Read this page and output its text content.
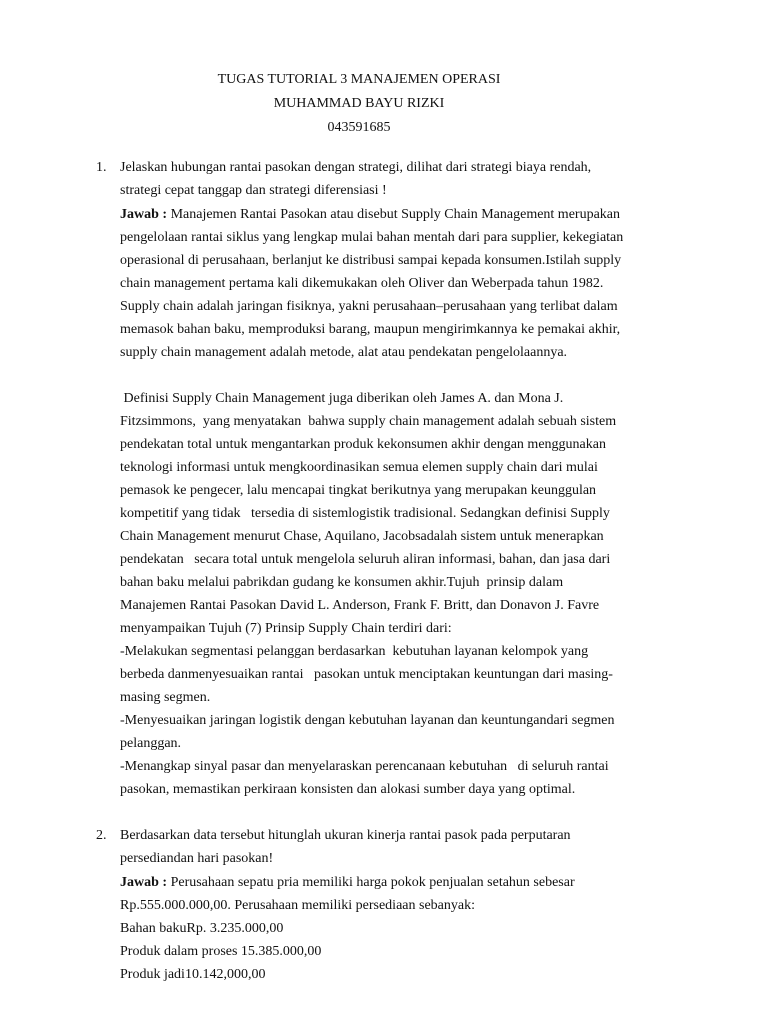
TUGAS TUTORIAL 3 MANAJEMEN OPERASI
MUHAMMAD BAYU RIZKI
043591685
1. Jelaskan hubungan rantai pasokan dengan strategi, dilihat dari strategi biaya rendah,
strategi cepat tanggap dan strategi diferensiasi !
Jawab : Manajemen Rantai Pasokan atau disebut Supply Chain Management merupakan
pengelolaan rantai siklus yang lengkap mulai bahan mentah dari para supplier, kekegiatan
operasional di perusahaan, berlanjut ke distribusi sampai kepada konsumen.Istilah supply
chain management pertama kali dikemukakan oleh Oliver dan Weberpada tahun 1982.
Supply chain adalah jaringan fisiknya, yakni perusahaan–perusahaan yang terlibat dalam
memasok bahan baku, memproduksi barang, maupun mengirimkannya ke pemakai akhir,
supply chain management adalah metode, alat atau pendekatan pengelolaannya.
Definisi Supply Chain Management juga diberikan oleh James A. dan Mona J.
Fitzsimmons,  yang menyatakan  bahwa supply chain management adalah sebuah sistem
pendekatan total untuk mengantarkan produk kekonsumen akhir dengan menggunakan
teknologi informasi untuk mengkoordinasikan semua elemen supply chain dari mulai
pemasok ke pengecer, lalu mencapai tingkat berikutnya yang merupakan keunggulan
kompetitif yang tidak   tersedia di sistemlogistik tradisional. Sedangkan definisi Supply
Chain Management menurut Chase, Aquilano, Jacobsadalah sistem untuk menerapkan
pendekatan   secara total untuk mengelola seluruh aliran informasi, bahan, dan jasa dari
bahan baku melalui pabrikdan gudang ke konsumen akhir.Tujuh  prinsip dalam
Manajemen Rantai Pasokan David L. Anderson, Frank F. Britt, dan Donavon J. Favre
menyampaikan Tujuh (7) Prinsip Supply Chain terdiri dari:
-Melakukan segmentasi pelanggan berdasarkan  kebutuhan layanan kelompok yang
berbeda danmenyesuaikan rantai   pasokan untuk menciptakan keuntungan dari masing-
masing segmen.
-Menyesuaikan jaringan logistik dengan kebutuhan layanan dan keuntungandari segmen
pelanggan.
-Menangkap sinyal pasar dan menyelaraskan perencanaan kebutuhan   di seluruh rantai
pasokan, memastikan perkiraan konsisten dan alokasi sumber daya yang optimal.
2. Berdasarkan data tersebut hitunglah ukuran kinerja rantai pasok pada perputaran
persediandan hari pasokan!
Jawab : Perusahaan sepatu pria memiliki harga pokok penjualan setahun sebesar
Rp.555.000.000,00. Perusahaan memiliki persediaan sebanyak:
Bahan bakuRp. 3.235.000,00
Produk dalam proses 15.385.000,00
Produk jadi10.142,000,00
